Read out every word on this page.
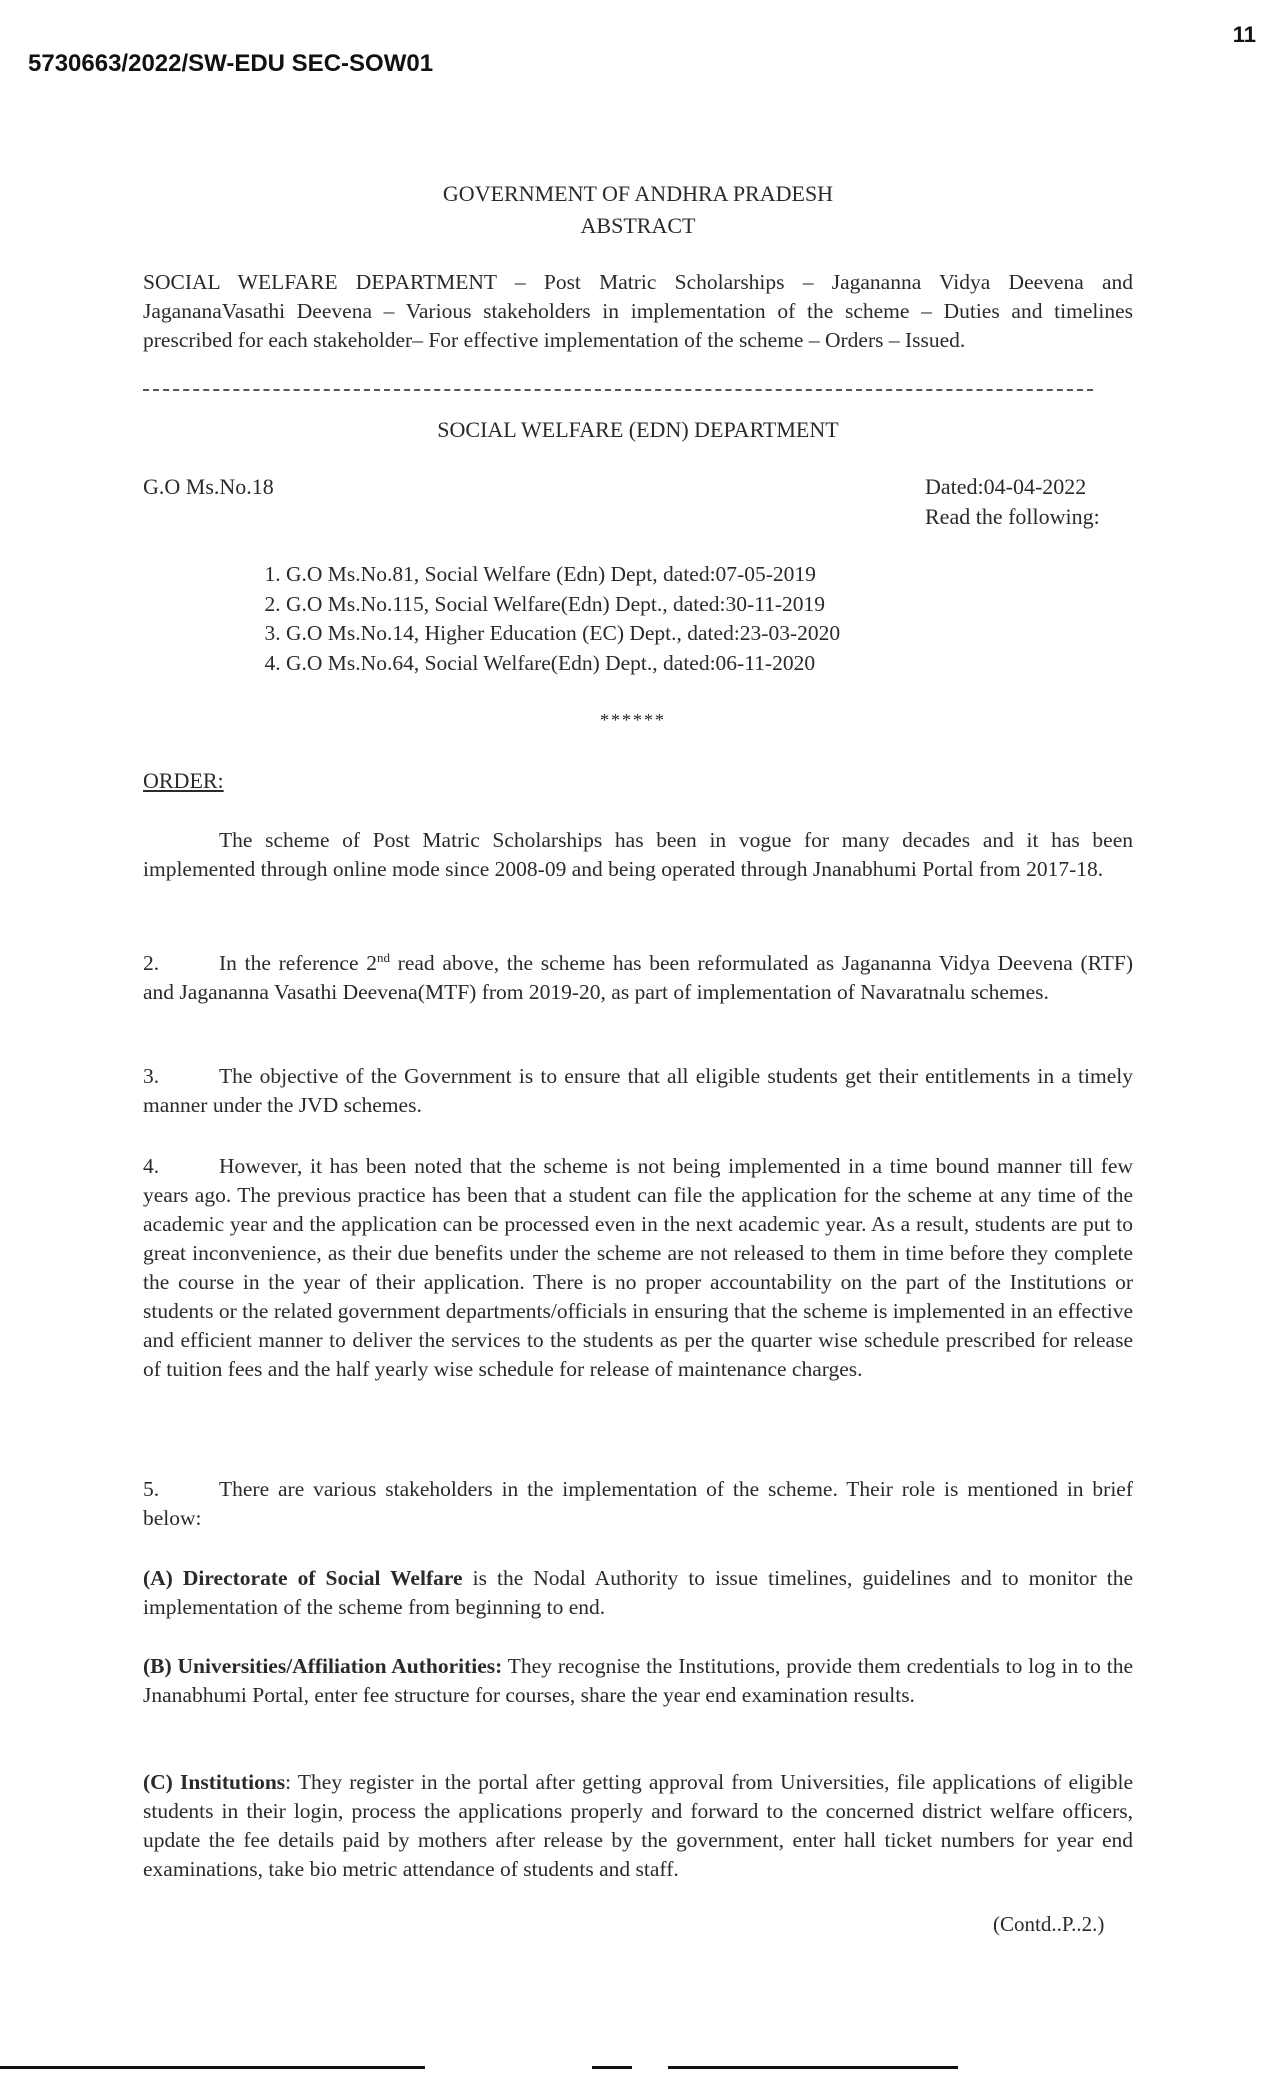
5730663/2022/SW-EDU SEC-SOW01
11
GOVERNMENT OF ANDHRA PRADESH
ABSTRACT

SOCIAL WELFARE DEPARTMENT – Post Matric Scholarships – Jagananna Vidya Deevena and JagananaVasathi Deevena – Various stakeholders in implementation of the scheme – Duties and timelines prescribed for each stakeholder– For effective implementation of the scheme – Orders – Issued.

SOCIAL WELFARE (EDN) DEPARTMENT
G.O Ms.No.18	Dated:04-04-2022
Read the following:
1. G.O Ms.No.81, Social Welfare (Edn) Dept, dated:07-05-2019
2. G.O Ms.No.115, Social Welfare(Edn) Dept., dated:30-11-2019
3. G.O Ms.No.14, Higher Education (EC) Dept., dated:23-03-2020
4. G.O Ms.No.64, Social Welfare(Edn) Dept., dated:06-11-2020
******
ORDER:

The scheme of Post Matric Scholarships has been in vogue for many decades and it has been implemented through online mode since 2008-09 and being operated through Jnanabhumi Portal from 2017-18.

2.	In the reference 2nd read above, the scheme has been reformulated as Jagananna Vidya Deevena (RTF) and Jagananna Vasathi Deevena(MTF) from 2019-20, as part of implementation of Navaratnalu schemes.

3.	The objective of the Government is to ensure that all eligible students get their entitlements in a timely manner under the JVD schemes.

4.	However, it has been noted that the scheme is not being implemented in a time bound manner till few years ago. The previous practice has been that a student can file the application for the scheme at any time of the academic year and the application can be processed even in the next academic year. As a result, students are put to great inconvenience, as their due benefits under the scheme are not released to them in time before they complete the course in the year of their application. There is no proper accountability on the part of the Institutions or students or the related government departments/officials in ensuring that the scheme is implemented in an effective and efficient manner to deliver the services to the students as per the quarter wise schedule prescribed for release of tuition fees and the half yearly wise schedule for release of maintenance charges.

5.	There are various stakeholders in the implementation of the scheme. Their role is mentioned in brief below:

(A) Directorate of Social Welfare is the Nodal Authority to issue timelines, guidelines and to monitor the implementation of the scheme from beginning to end.

(B) Universities/Affiliation Authorities: They recognise the Institutions, provide them credentials to log in to the Jnanabhumi Portal, enter fee structure for courses, share the year end examination results.

(C) Institutions: They register in the portal after getting approval from Universities, file applications of eligible students in their login, process the applications properly and forward to the concerned district welfare officers, update the fee details paid by mothers after release by the government, enter hall ticket numbers for year end examinations, take bio metric attendance of students and staff.

(Contd..P..2.)
